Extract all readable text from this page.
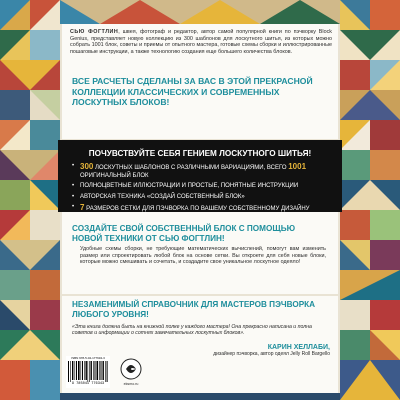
СЬЮ ФОГТЛИН, швея, фотограф и редактор, автор самой популярной книги по пэчворку Block Genius, представляет новую коллекцию из 300 шаблонов для лоскутного шитья, из которых можно собрать 1001 блок, советы и приемы от опытного мастера, готовые схемы сборки и иллюстрированные пошаговые инструкции, а также технологию создания еще большего количества блоков.
ВСЕ РАСЧЕТЫ СДЕЛАНЫ ЗА ВАС В ЭТОЙ ПРЕКРАСНОЙ КОЛЛЕКЦИИ КЛАССИЧЕСКИХ И СОВРЕМЕННЫХ ЛОСКУТНЫХ БЛОКОВ!
ПОЧУВСТВУЙТЕ СЕБЯ ГЕНИЕМ ЛОСКУТНОГО ШИТЬЯ!
• 300 ЛОСКУТНЫХ ШАБЛОНОВ С РАЗЛИЧНЫМИ ВАРИАЦИЯМИ, ВСЕГО 1001 ОРИГИНАЛЬНЫЙ БЛОК
• ПОЛНОЦВЕТНЫЕ ИЛЛЮСТРАЦИИ И ПРОСТЫЕ, ПОНЯТНЫЕ ИНСТРУКЦИИ
• АВТОРСКАЯ ТЕХНИКА «СОЗДАЙ СОБСТВЕННЫЙ БЛОК»
• 7 РАЗМЕРОВ СЕТКИ ДЛЯ ПЭЧВОРКА ПО ВАШЕМУ СОБСТВЕННОМУ ДИЗАЙНУ
СОЗДАЙТЕ СВОЙ СОБСТВЕННЫЙ БЛОК С ПОМОЩЬЮ НОВОЙ ТЕХНИКИ ОТ СЬЮ ФОГТЛИН!
Удобные схемы сборки, не требующие математических вычислений, помогут вам изменить размер или спроектировать любой блок на основе сетки. Вы откроете для себя новые блоки, которые можно смешивать и сочетать, и создадите свое уникальное лоскутное одеяло!
НЕЗАМЕНИМЫЙ СПРАВОЧНИК ДЛЯ МАСТЕРОВ ПЭЧВОРКА ЛЮБОГО УРОВНЯ!
«Эта книга должна быть на книжной полке у каждого мастера! Она прекрасно написана и полна советов и информации о сотнях замечательных лоскутных блоков».
КАРИН ХЕЛЛАБИ,
дизайнер пэчворка, автор одеял Jelly Roll Bargello
ISBN 978-5-04-177634-3
9 785041 776343	eksmo.ru
